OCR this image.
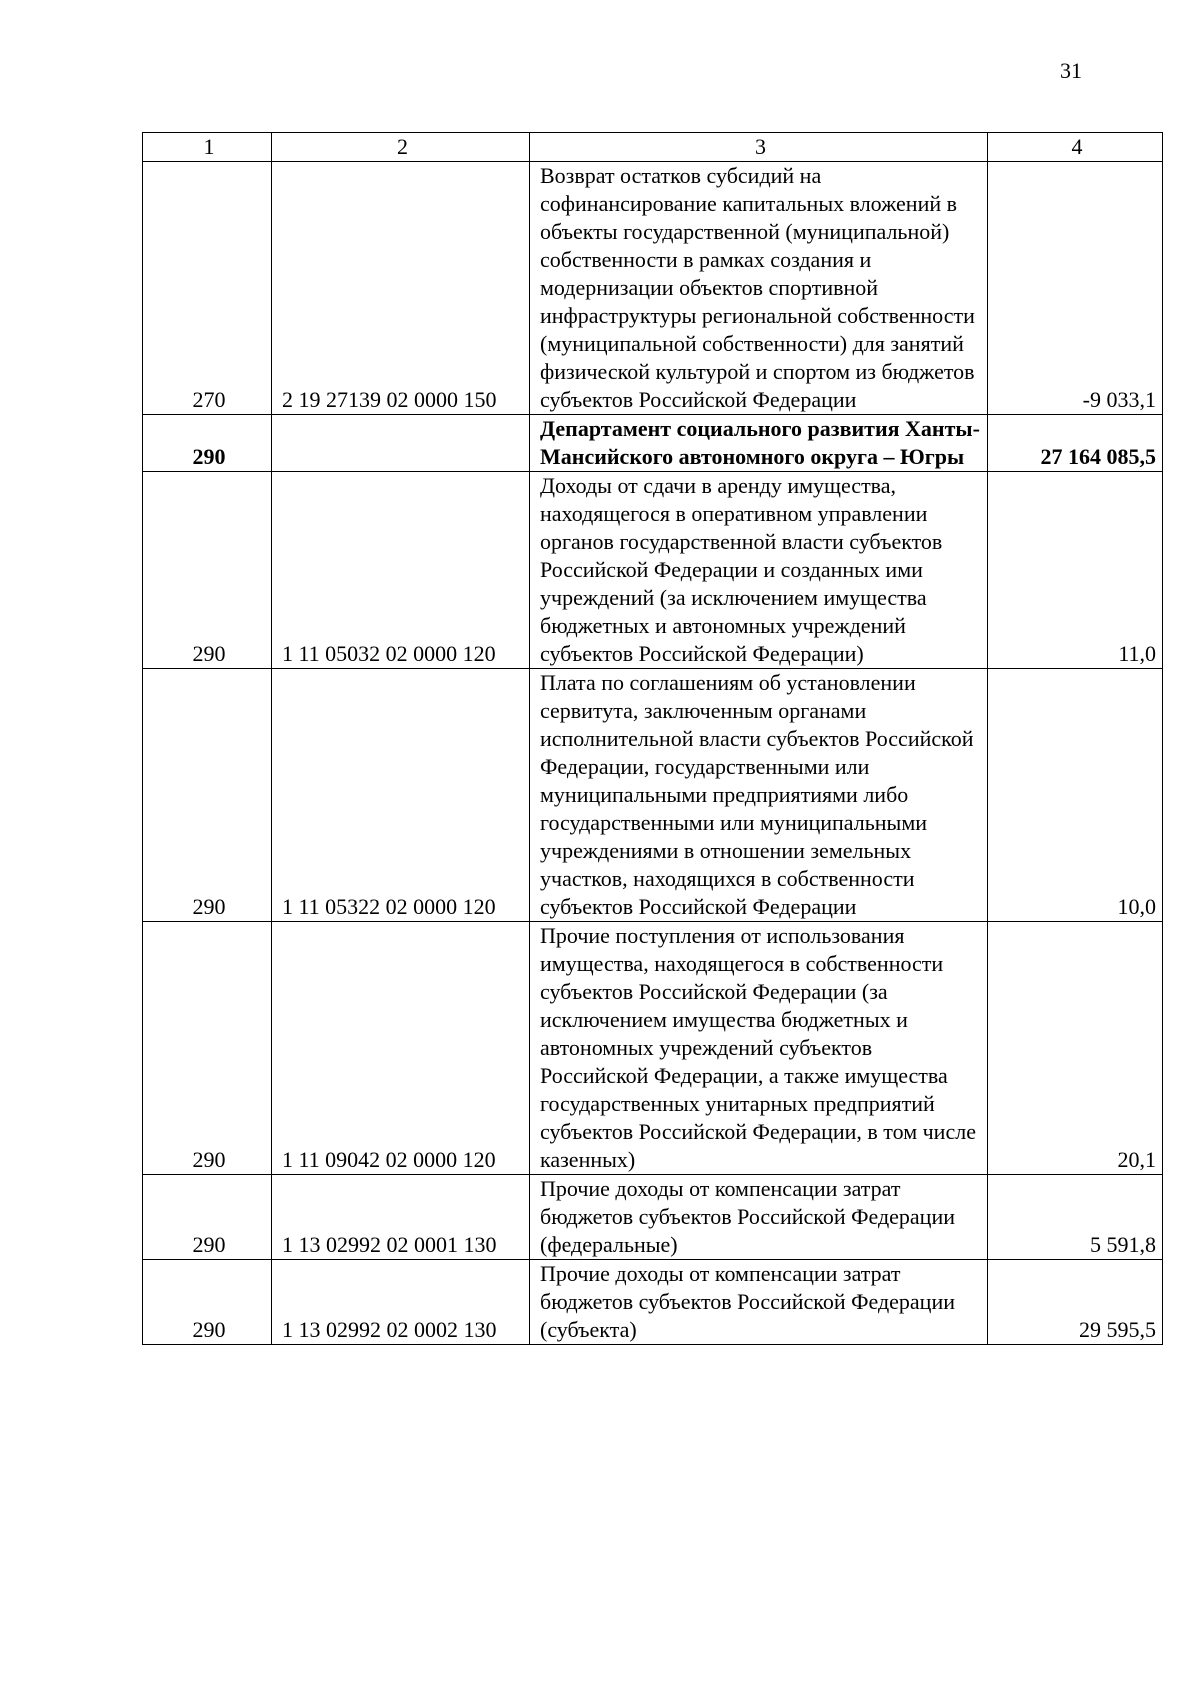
31
1	2	3	4
270	2 19 27139 02 0000 150	Возврат остатков субсидий на софинансирование капитальных вложений в объекты государственной (муниципальной) собственности в рамках создания и модернизации объектов спортивной инфраструктуры региональной собственности (муниципальной собственности) для занятий физической культурой и спортом из бюджетов субъектов Российской Федерации	-9 033,1
290		Департамент социального развития Ханты-Мансийского автономного округа – Югры	27 164 085,5
290	1 11 05032 02 0000 120	Доходы от сдачи в аренду имущества, находящегося в оперативном управлении органов государственной власти субъектов Российской Федерации и созданных ими учреждений (за исключением имущества бюджетных и автономных учреждений субъектов Российской Федерации)	11,0
290	1 11 05322 02 0000 120	Плата по соглашениям об установлении сервитута, заключенным органами исполнительной власти субъектов Российской Федерации, государственными или муниципальными предприятиями либо государственными или муниципальными учреждениями в отношении земельных участков, находящихся в собственности субъектов Российской Федерации	10,0
290	1 11 09042 02 0000 120	Прочие поступления от использования имущества, находящегося в собственности субъектов Российской Федерации (за исключением имущества бюджетных и автономных учреждений субъектов Российской Федерации, а также имущества государственных унитарных предприятий субъектов Российской Федерации, в том числе казенных)	20,1
290	1 13 02992 02 0001 130	Прочие доходы от компенсации затрат бюджетов субъектов Российской Федерации (федеральные)	5 591,8
290	1 13 02992 02 0002 130	Прочие доходы от компенсации затрат бюджетов субъектов Российской Федерации (субъекта)	29 595,5
